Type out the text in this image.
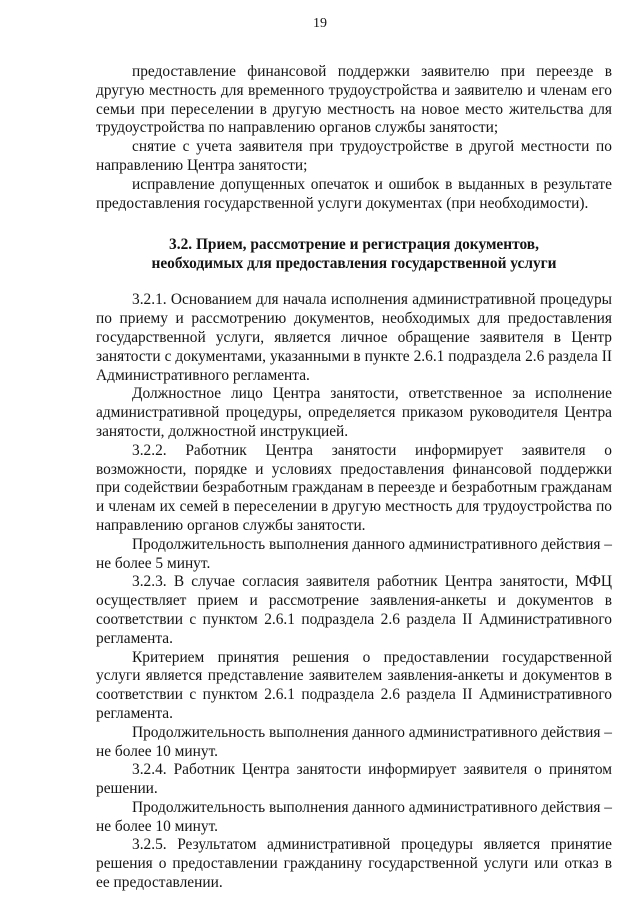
19

предоставление финансовой поддержки заявителю при переезде в другую местность для временного трудоустройства и заявителю и членам его семьи при переселении в другую местность на новое место жительства для трудоустройства по направлению органов службы занятости;

снятие с учета заявителя при трудоустройстве в другой местности по направлению Центра занятости;

исправление допущенных опечаток и ошибок в выданных в результате предоставления государственной услуги документах (при необходимости).

3.2. Прием, рассмотрение и регистрация документов,
необходимых для предоставления государственной услуги

3.2.1. Основанием для начала исполнения административной процедуры по приему и рассмотрению документов, необходимых для предоставления государственной услуги, является личное обращение заявителя в Центр занятости с документами, указанными в пункте 2.6.1 подраздела 2.6 раздела II Административного регламента.

Должностное лицо Центра занятости, ответственное за исполнение административной процедуры, определяется приказом руководителя Центра занятости, должностной инструкцией.

3.2.2. Работник Центра занятости информирует заявителя о возможности, порядке и условиях предоставления финансовой поддержки при содействии безработным гражданам в переезде и безработным гражданам и членам их семей в переселении в другую местность для трудоустройства по направлению органов службы занятости.

Продолжительность выполнения данного административного действия – не более 5 минут.

3.2.3. В случае согласия заявителя работник Центра занятости, МФЦ осуществляет прием и рассмотрение заявления-анкеты и документов в соответствии с пунктом 2.6.1 подраздела 2.6 раздела II Административного регламента.

Критерием принятия решения о предоставлении государственной услуги является представление заявителем заявления-анкеты и документов в соответствии с пунктом 2.6.1 подраздела 2.6 раздела II Административного регламента.

Продолжительность выполнения данного административного действия – не более 10 минут.

3.2.4. Работник Центра занятости информирует заявителя о принятом решении.

Продолжительность выполнения данного административного действия – не более 10 минут.

3.2.5. Результатом административной процедуры является принятие решения о предоставлении гражданину государственной услуги или отказ в ее предоставлении.
